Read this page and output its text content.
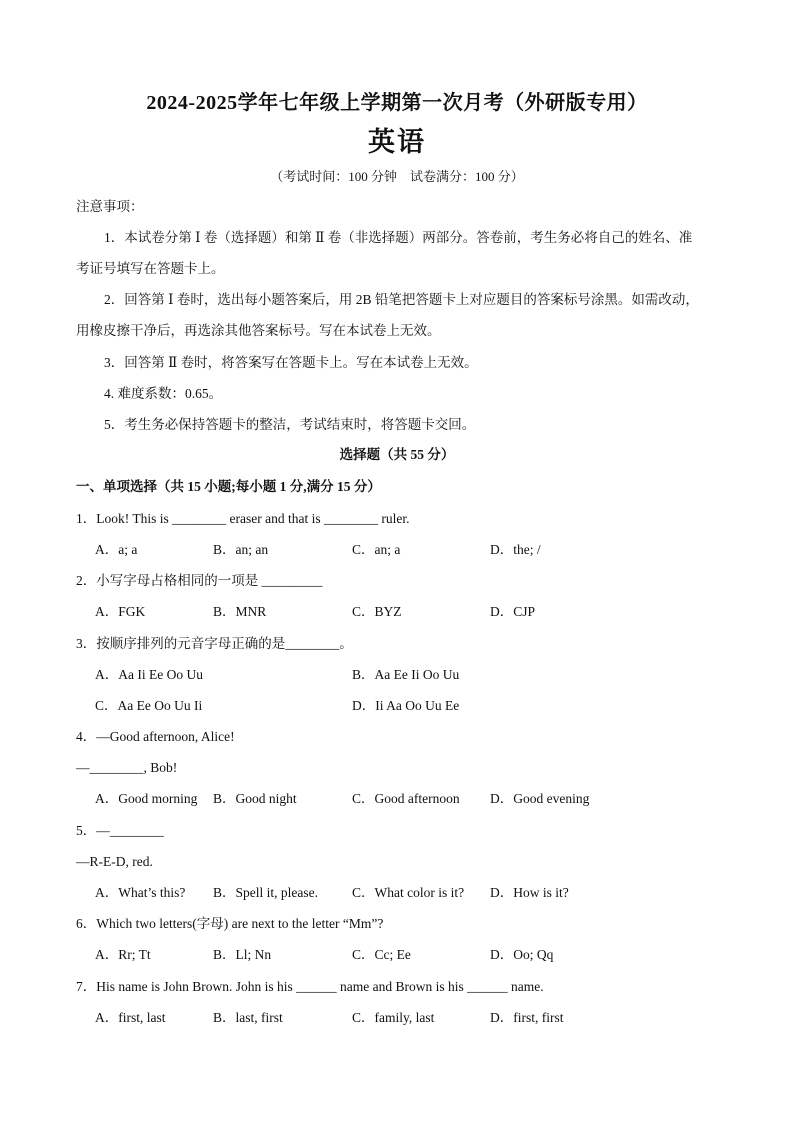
2024-2025学年七年级上学期第一次月考（外研版专用）
英语
（考试时间：100 分钟　试卷满分：100 分）
注意事项：
1．本试卷分第 Ⅰ 卷（选择题）和第 Ⅱ 卷（非选择题）两部分。答卷前，考生务必将自己的姓名、准
考证号填写在答题卡上。
2．回答第 Ⅰ 卷时，选出每小题答案后，用 2B 铅笔把答题卡上对应题目的答案标号涂黑。如需改动，
用橡皮擦干净后，再选涂其他答案标号。写在本试卷上无效。
3．回答第 Ⅱ 卷时，将答案写在答题卡上。写在本试卷上无效。
4. 难度系数：0.65。
5．考生务必保持答题卡的整洁，考试结束时，将答题卡交回。
选择题（共 55 分）
一、单项选择（共 15 小题;每小题 1 分,满分 15 分）
1．Look! This is ________ eraser and that is ________ ruler.
A．a; a	B．an; an	C．an; a	D．the; /
2．小写字母占格相同的一项是 _________
A．FGK	B．MNR	C．BYZ	D．CJP
3．按顺序排列的元音字母正确的是________。
A．Aa Ii Ee Oo Uu	B．Aa Ee Ii Oo Uu
C．Aa Ee Oo Uu Ii	D．Ii Aa Oo Uu Ee
4．—Good afternoon, Alice!
—________, Bob!
A．Good morning B．Good night	C．Good afternoon D．Good evening
5．—________
—R-E-D, red.
A．What’s this? B．Spell it, please.	C．What color is it? D．How is it?
6．Which two letters(字母) are next to the letter “Mm”?
A．Rr; Tt	B．Ll; Nn	C．Cc; Ee	D．Oo; Qq
7．His name is John Brown. John is his ______ name and Brown is his ______ name.
A．first, last	B．last, first	C．family, last	D．first, first
